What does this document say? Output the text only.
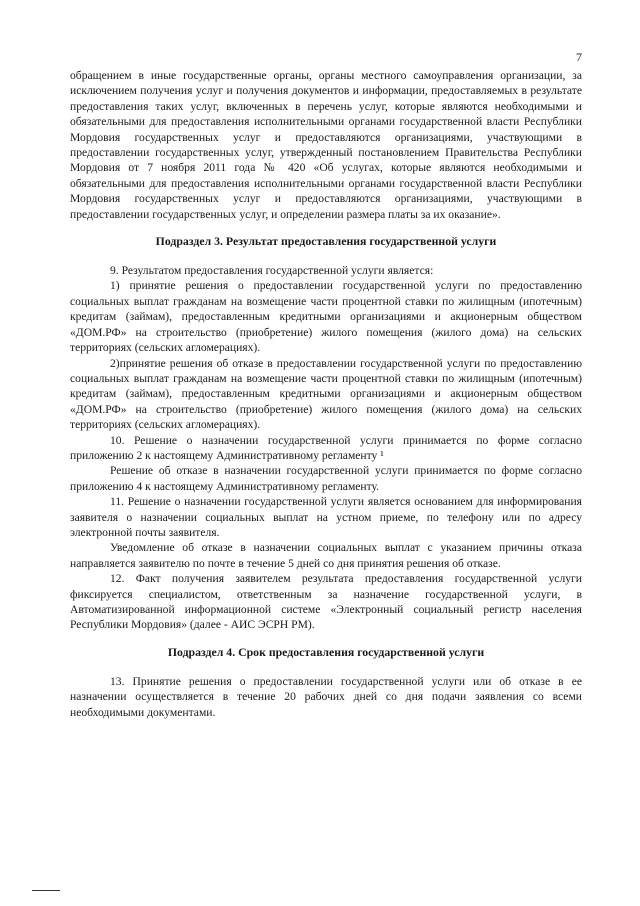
7

обращением в иные государственные органы, органы местного самоуправления организации, за исключением получения услуг и получения документов и информации, предоставляемых в результате предоставления таких услуг, включенных в перечень услуг, которые являются необходимыми и обязательными для предоставления исполнительными органами государственной власти Республики Мордовия государственных услуг и предоставляются организациями, участвующими в предоставлении государственных услуг, утвержденный постановлением Правительства Республики Мордовия от 7 ноября 2011 года № 420 «Об услугах, которые являются необходимыми и обязательными для предоставления исполнительными органами государственной власти Республики Мордовия государственных услуг и предоставляются организациями, участвующими в предоставлении государственных услуг, и определении размера платы за их оказание».

Подраздел 3. Результат предоставления государственной услуги

9. Результатом предоставления государственной услуги является:

1) принятие решения о предоставлении государственной услуги по предоставлению социальных выплат гражданам на возмещение части процентной ставки по жилищным (ипотечным) кредитам (займам), предоставленным кредитными организациями и акционерным обществом «ДОМ.РФ» на строительство (приобретение) жилого помещения (жилого дома) на сельских территориях (сельских агломерациях).

2)принятие решения об отказе в предоставлении государственной услуги по предоставлению социальных выплат гражданам на возмещение части процентной ставки по жилищным (ипотечным) кредитам (займам), предоставленным кредитными организациями и акционерным обществом «ДОМ.РФ» на строительство (приобретение) жилого помещения (жилого дома) на сельских территориях (сельских агломерациях).

10. Решение о назначении государственной услуги принимается по форме согласно приложению 2 к настоящему Административному регламенту ¹

Решение об отказе в назначении государственной услуги принимается по форме согласно приложению 4 к настоящему Административному регламенту.

11. Решение о назначении государственной услуги является основанием для информирования заявителя о назначении социальных выплат на устном приеме, по телефону или по адресу электронной почты заявителя.

Уведомление об отказе в назначении социальных выплат с указанием причины отказа направляется заявителю по почте в течение 5 дней со дня принятия решения об отказе.

12. Факт получения заявителем результата предоставления государственной услуги фиксируется специалистом, ответственным за назначение государственной услуги, в Автоматизированной информационной системе «Электронный социальный регистр населения Республики Мордовия» (далее - АИС ЭСРН РМ).

Подраздел 4. Срок предоставления государственной услуги

13. Принятие решения о предоставлении государственной услуги или об отказе в ее назначении осуществляется в течение 20 рабочих дней со дня подачи заявления со всеми необходимыми документами.
